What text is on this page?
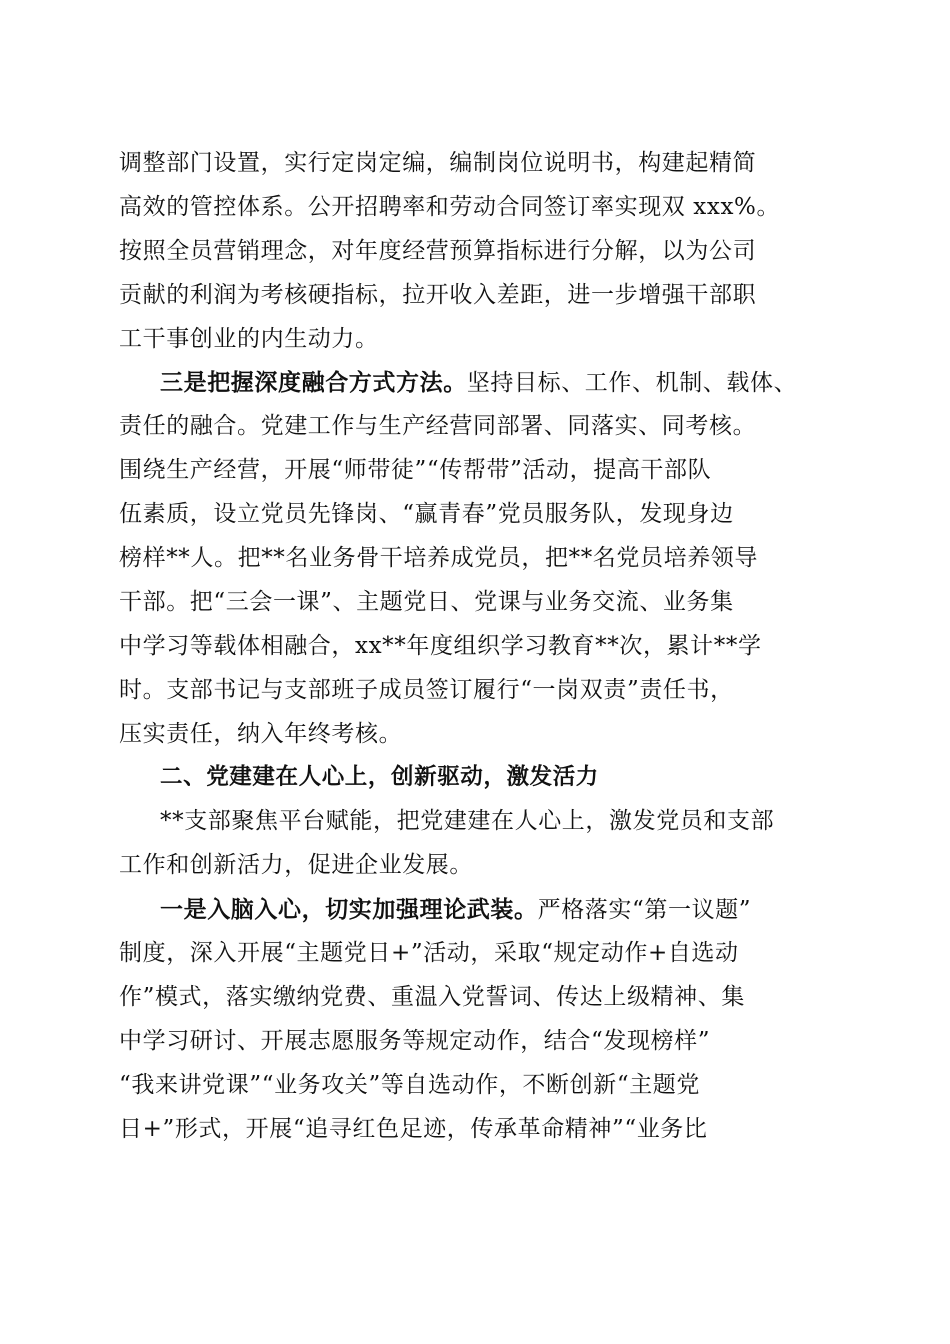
调整部门设置，实行定岗定编，编制岗位说明书，构建起精简
高效的管控体系。公开招聘率和劳动合同签订率实现双 xxx%。
按照全员营销理念，对年度经营预算指标进行分解，以为公司
贡献的利润为考核硬指标，拉开收入差距，进一步增强干部职
工干事创业的内生动力。
三是把握深度融合方式方法。坚持目标、工作、机制、载体、
责任的融合。党建工作与生产经营同部署、同落实、同考核。
围绕生产经营，开展“师带徒”“传帮带”活动，提高干部队
伍素质，设立党员先锋岗、“赢青春”党员服务队，发现身边
榜样**人。把**名业务骨干培养成党员，把**名党员培养领导
干部。把“三会一课”、主题党日、党课与业务交流、业务集
中学习等载体相融合，xx**年度组织学习教育**次，累计**学
时。支部书记与支部班子成员签订履行“一岗双责”责任书，
压实责任，纳入年终考核。
二、党建建在人心上，创新驱动，激发活力
**支部聚焦平台赋能，把党建建在人心上，激发党员和支部
工作和创新活力，促进企业发展。
一是入脑入心，切实加强理论武装。严格落实“第一议题”
制度，深入开展“主题党日+”活动，采取“规定动作+自选动
作”模式，落实缴纳党费、重温入党誓词、传达上级精神、集
中学习研讨、开展志愿服务等规定动作，结合“发现榜样”
“我来讲党课”“业务攻关”等自选动作，不断创新“主题党
日+”形式，开展“追寻红色足迹，传承革命精神”“业务比
